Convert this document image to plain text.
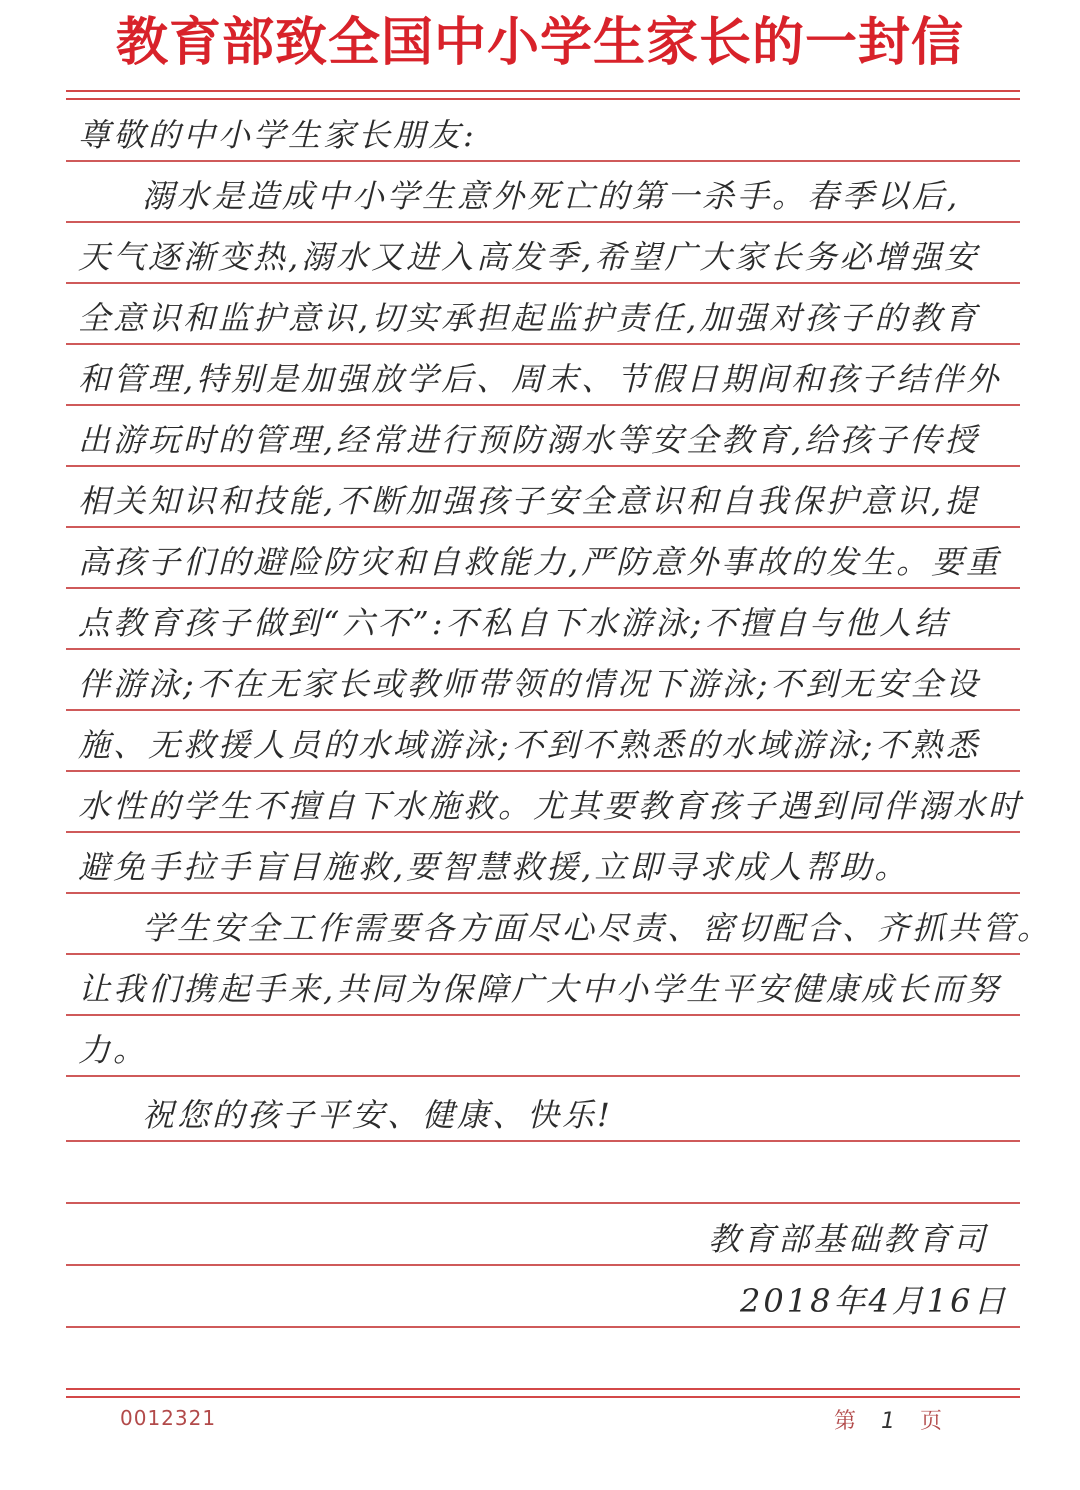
教育部致全国中小学生家长的一封信
尊敬的中小学生家长朋友:
溺水是造成中小学生意外死亡的第一杀手。春季以后,
天气逐渐变热,溺水又进入高发季,希望广大家长务必增强安
全意识和监护意识,切实承担起监护责任,加强对孩子的教育
和管理,特别是加强放学后、周末、节假日期间和孩子结伴外
出游玩时的管理,经常进行预防溺水等安全教育,给孩子传授
相关知识和技能,不断加强孩子安全意识和自我保护意识,提
高孩子们的避险防灾和自救能力,严防意外事故的发生。要重
点教育孩子做到“六不”:不私自下水游泳;不擅自与他人结
伴游泳;不在无家长或教师带领的情况下游泳;不到无安全设
施、无救援人员的水域游泳;不到不熟悉的水域游泳;不熟悉
水性的学生不擅自下水施救。尤其要教育孩子遇到同伴溺水时
避免手拉手盲目施救,要智慧救援,立即寻求成人帮助。
学生安全工作需要各方面尽心尽责、密切配合、齐抓共管。
让我们携起手来,共同为保障广大中小学生平安健康成长而努
力。
祝您的孩子平安、健康、快乐!
教育部基础教育司
2018年4月16日
0012321	第 1 页
